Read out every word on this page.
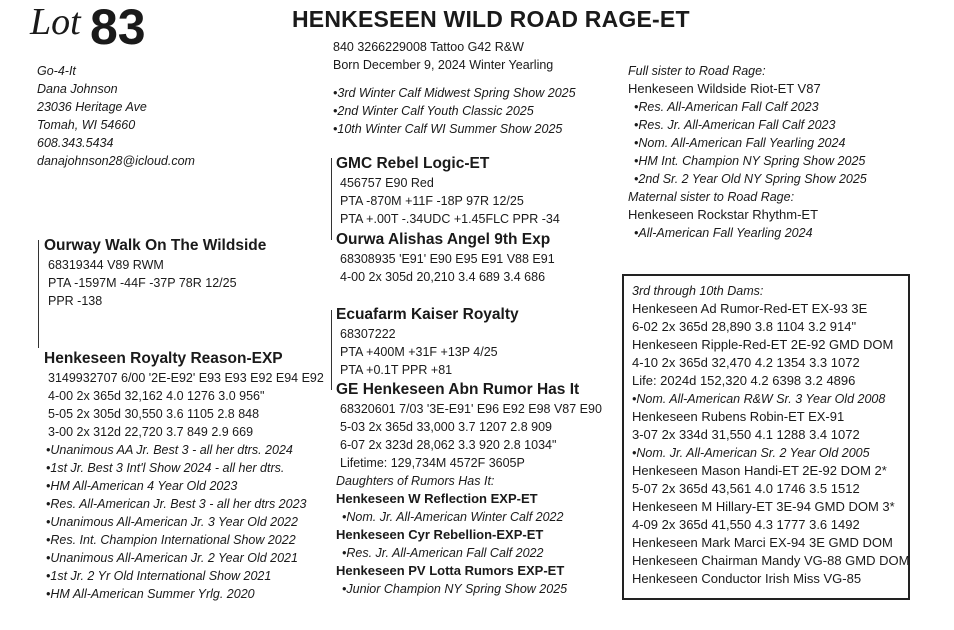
Lot 83	HENKESEEN WILD ROAD RAGE-ET
840 3266229008 Tattoo G42 R&W
Born December 9, 2024 Winter Yearling
•3rd Winter Calf Midwest Spring Show 2025
•2nd Winter Calf Youth Classic 2025
•10th Winter Calf WI Summer Show 2025
Go-4-It
Dana Johnson
23036 Heritage Ave
Tomah, WI 54660
608.343.5434
danajohnson28@icloud.com
Ourway Walk On The Wildside
68319344 V89 RWM
PTA -1597M -44F -37P 78R 12/25
PPR -138
Henkeseen Royalty Reason-EXP
3149932707 6/00 '2E-E92' E93 E93 E92 E94 E92
4-00 2x 365d 32,162 4.0 1276 3.0 956"
5-05 2x 305d 30,550 3.6 1105 2.8 848
3-00 2x 312d 22,720 3.7 849 2.9 669
•Unanimous AA Jr. Best 3 - all her dtrs. 2024
•1st Jr. Best 3 Int'l Show 2024 - all her dtrs.
•HM All-American 4 Year Old 2023
•Res. All-American Jr. Best 3 - all her dtrs 2023
•Unanimous All-American Jr. 3 Year Old 2022
•Res. Int. Champion International Show 2022
•Unanimous All-American Jr. 2 Year Old 2021
•1st Jr. 2 Yr Old International Show 2021
•HM All-American Summer Yrlg. 2020
GMC Rebel Logic-ET
456757 E90 Red
PTA -870M +11F -18P 97R 12/25
PTA +.00T -.34UDC +1.45FLC PPR -34
Ourwa Alishas Angel 9th Exp
68308935 'E91' E90 E95 E91 V88 E91
4-00 2x 305d 20,210 3.4 689 3.4 686
Ecuafarm Kaiser Royalty
68307222
PTA +400M +31F +13P 4/25
PTA +0.1T PPR +81
GE Henkeseen Abn Rumor Has It
68320601 7/03 '3E-E91' E96 E92 E98 V87 E90
5-03 2x 365d 33,000 3.7 1207 2.8 909
6-07 2x 323d 28,062 3.3 920 2.8 1034"
Lifetime: 129,734M 4572F 3605P
Daughters of Rumors Has It:
Henkeseen W Reflection EXP-ET
•Nom. Jr. All-American Winter Calf 2022
Henkeseen Cyr Rebellion-EXP-ET
•Res. Jr. All-American Fall Calf 2022
Henkeseen PV Lotta Rumors EXP-ET
•Junior Champion NY Spring Show 2025
Full sister to Road Rage:
Henkeseen Wildside Riot-ET V87
•Res. All-American Fall Calf 2023
•Res. Jr. All-American Fall Calf 2023
•Nom. All-American Fall Yearling 2024
•HM Int. Champion NY Spring Show 2025
•2nd Sr. 2 Year Old NY Spring Show 2025
Maternal sister to Road Rage:
Henkeseen Rockstar Rhythm-ET
•All-American Fall Yearling 2024
3rd through 10th Dams:
Henkeseen Ad Rumor-Red-ET EX-93 3E
6-02 2x 365d 28,890 3.8 1104 3.2 914"
Henkeseen Ripple-Red-ET 2E-92 GMD DOM
4-10 2x 365d 32,470 4.2 1354 3.3 1072
Life: 2024d 152,320 4.2 6398 3.2 4896
•Nom. All-American R&W Sr. 3 Year Old 2008
Henkeseen Rubens Robin-ET EX-91
3-07 2x 334d 31,550 4.1 1288 3.4 1072
•Nom. Jr. All-American Sr. 2 Year Old 2005
Henkeseen Mason Handi-ET 2E-92 DOM 2*
5-07 2x 365d 43,561 4.0 1746 3.5 1512
Henkeseen M Hillary-ET 3E-94 GMD DOM 3*
4-09 2x 365d 41,550 4.3 1777 3.6 1492
Henkeseen Mark Marci EX-94 3E GMD DOM
Henkeseen Chairman Mandy VG-88 GMD DOM
Henkeseen Conductor Irish Miss VG-85
